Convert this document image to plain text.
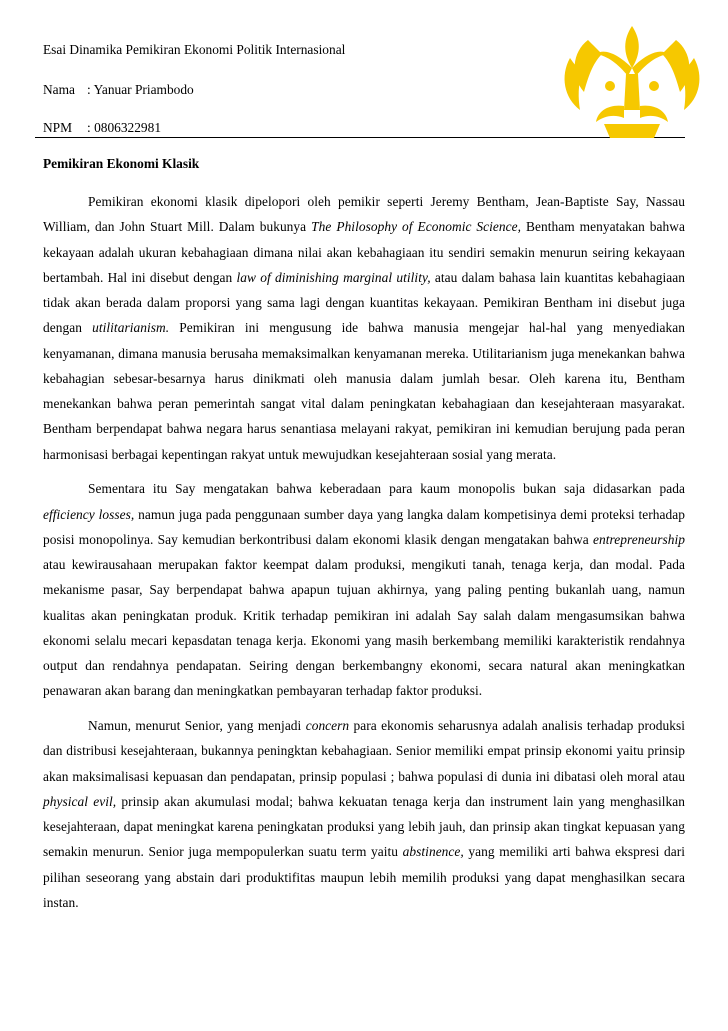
Esai Dinamika Pemikiran Ekonomi Politik Internasional
Nama : Yanuar Priambodo
NPM : 0806322981
Pemikiran Ekonomi Klasik

Pemikiran ekonomi klasik dipelopori oleh pemikir seperti Jeremy Bentham, Jean-Baptiste Say, Nassau William, dan John Stuart Mill. Dalam bukunya The Philosophy of Economic Science, Bentham menyatakan bahwa kekayaan adalah ukuran kebahagiaan dimana nilai akan kebahagiaan itu sendiri semakin menurun seiring kekayaan bertambah. Hal ini disebut dengan law of diminishing marginal utility, atau dalam bahasa lain kuantitas kebahagiaan tidak akan berada dalam proporsi yang sama lagi dengan kuantitas kekayaan. Pemikiran Bentham ini disebut juga dengan utilitarianism. Pemikiran ini mengusung ide bahwa manusia mengejar hal-hal yang menyediakan kenyamanan, dimana manusia berusaha memaksimalkan kenyamanan mereka. Utilitarianism juga menekankan bahwa kebahagian sebesar-besarnya harus dinikmati oleh manusia dalam jumlah besar. Oleh karena itu, Bentham menekankan bahwa peran pemerintah sangat vital dalam peningkatan kebahagiaan dan kesejahteraan masyarakat. Bentham berpendapat bahwa negara harus senantiasa melayani rakyat, pemikiran ini kemudian berujung pada peran harmonisasi berbagai kepentingan rakyat untuk mewujudkan kesejahteraan sosial yang merata.

Sementara itu Say mengatakan bahwa keberadaan para kaum monopolis bukan saja didasarkan pada efficiency losses, namun juga pada penggunaan sumber daya yang langka dalam kompetisinya demi proteksi terhadap posisi monopolinya. Say kemudian berkontribusi dalam ekonomi klasik dengan mengatakan bahwa entrepreneurship atau kewirausahaan merupakan faktor keempat dalam produksi, mengikuti tanah, tenaga kerja, dan modal. Pada mekanisme pasar, Say berpendapat bahwa apapun tujuan akhirnya, yang paling penting bukanlah uang, namun kualitas akan peningkatan produk. Kritik terhadap pemikiran ini adalah Say salah dalam mengasumsikan bahwa ekonomi selalu mecari kepasdatan tenaga kerja. Ekonomi yang masih berkembang memiliki karakteristik rendahnya output dan rendahnya pendapatan. Seiring dengan berkembangny ekonomi, secara natural akan meningkatkan penawaran akan barang dan meningkatkan pembayaran terhadap faktor produksi.

Namun, menurut Senior, yang menjadi concern para ekonomis seharusnya adalah analisis terhadap produksi dan distribusi kesejahteraan, bukannya peningktan kebahagiaan. Senior memiliki empat prinsip ekonomi yaitu prinsip akan maksimalisasi kepuasan dan pendapatan, prinsip populasi ; bahwa populasi di dunia ini dibatasi oleh moral atau physical evil, prinsip akan akumulasi modal; bahwa kekuatan tenaga kerja dan instrument lain yang menghasilkan kesejahteraan, dapat meningkat karena peningkatan produksi yang lebih jauh, dan prinsip akan tingkat kepuasan yang semakin menurun. Senior juga mempopulerkan suatu term yaitu abstinence, yang memiliki arti bahwa ekspresi dari pilihan seseorang yang abstain dari produktifitas maupun lebih memilih produksi yang dapat menghasilkan secara instan.
